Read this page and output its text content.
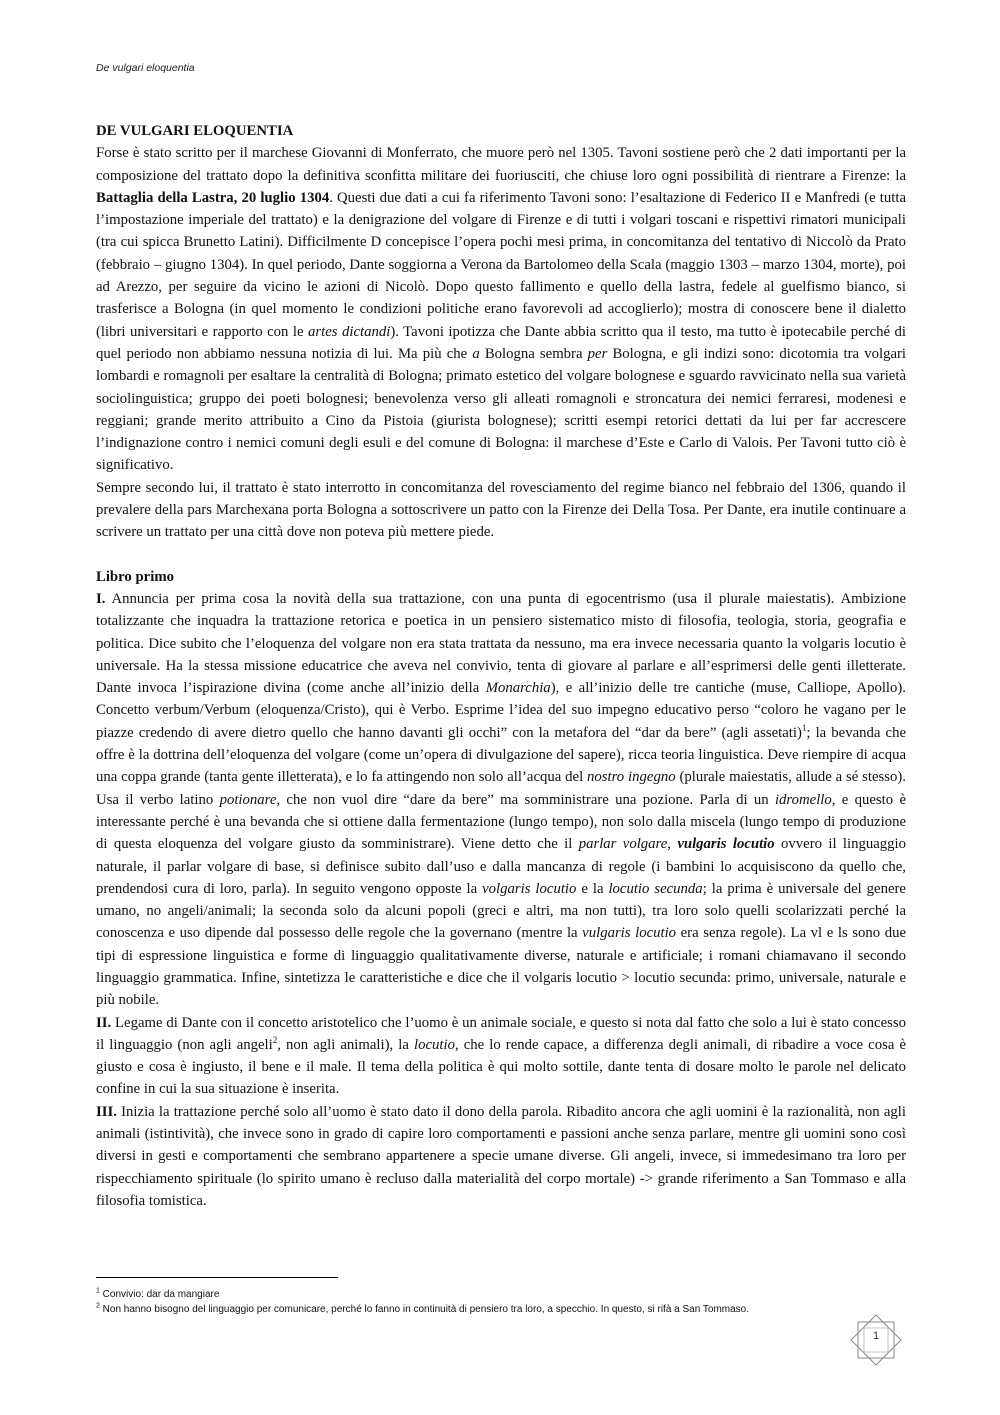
De vulgari eloquentia

DE VULGARI ELOQUENTIA

Forse è stato scritto per il marchese Giovanni di Monferrato, che muore però nel 1305. Tavoni sostiene però che 2 dati importanti per la composizione del trattato dopo la definitiva sconfitta militare dei fuoriusciti, che chiuse loro ogni possibilità di rientrare a Firenze: la Battaglia della Lastra, 20 luglio 1304. Questi due dati a cui fa riferimento Tavoni sono: l’esaltazione di Federico II e Manfredi (e tutta l’impostazione imperiale del trattato) e la denigrazione del volgare di Firenze e di tutti i volgari toscani e rispettivi rimatori municipali (tra cui spicca Brunetto Latini). Difficilmente D concepisce l’opera pochi mesi prima, in concomitanza del tentativo di Niccolò da Prato (febbraio – giugno 1304). In quel periodo, Dante soggiorna a Verona da Bartolomeo della Scala (maggio 1303 – marzo 1304, morte), poi ad Arezzo, per seguire da vicino le azioni di Nicolò. Dopo questo fallimento e quello della lastra, fedele al guelfismo bianco, si trasferisce a Bologna (in quel momento le condizioni politiche erano favorevoli ad accoglierlo); mostra di conoscere bene il dialetto (libri universitari e rapporto con le artes dictandi). Tavoni ipotizza che Dante abbia scritto qua il testo, ma tutto è ipotecabile perché di quel periodo non abbiamo nessuna notizia di lui. Ma più che a Bologna sembra per Bologna, e gli indizi sono: dicotomia tra volgari lombardi e romagnoli per esaltare la centralità di Bologna; primato estetico del volgare bolognese e sguardo ravvicinato nella sua varietà sociolinguistica; gruppo dei poeti bolognesi; benevolenza verso gli alleati romagnoli e stroncatura dei nemici ferraresi, modenesi e reggiani; grande merito attribuito a Cino da Pistoia (giurista bolognese); scritti esempi retorici dettati da lui per far accrescere l’indignazione contro i nemici comuni degli esuli e del comune di Bologna: il marchese d’Este e Carlo di Valois. Per Tavoni tutto ciò è significativo.

Sempre secondo lui, il trattato è stato interrotto in concomitanza del rovesciamento del regime bianco nel febbraio del 1306, quando il prevalere della pars Marchexana porta Bologna a sottoscrivere un patto con la Firenze dei Della Tosa. Per Dante, era inutile continuare a scrivere un trattato per una città dove non poteva più mettere piede.

Libro primo

I. Annuncia per prima cosa la novità della sua trattazione, con una punta di egocentrismo (usa il plurale maiestatis). Ambizione totalizzante che inquadra la trattazione retorica e poetica in un pensiero sistematico misto di filosofia, teologia, storia, geografia e politica. Dice subito che l’eloquenza del volgare non era stata trattata da nessuno, ma era invece necessaria quanto la volgaris locutio è universale. Ha la stessa missione educatrice che aveva nel convivio, tenta di giovare al parlare e all’esprimersi delle genti illetterate. Dante invoca l’ispirazione divina (come anche all’inizio della Monarchia), e all’inizio delle tre cantiche (muse, Calliope, Apollo). Concetto verbum/Verbum (eloquenza/Cristo), qui è Verbo. Esprime l’idea del suo impegno educativo perso “coloro he vagano per le piazze credendo di avere dietro quello che hanno davanti gli occhi” con la metafora del “dar da bere” (agli assetati)$^1$; la bevanda che offre è la dottrina dell’eloquenza del volgare (come un’opera di divulgazione del sapere), ricca teoria linguistica. Deve riempire di acqua una coppa grande (tanta gente illetterata), e lo fa attingendo non solo all’acqua del nostro ingegno (plurale maiestatis, allude a sé stesso). Usa il verbo latino potionare, che non vuol dire “dare da bere” ma somministrare una pozione. Parla di un idromello, e questo è interessante perché è una bevanda che si ottiene dalla fermentazione (lungo tempo), non solo dalla miscela (lungo tempo di produzione di questa eloquenza del volgare giusto da somministrare). Viene detto che il parlar volgare, vulgaris locutio ovvero il linguaggio naturale, il parlar volgare di base, si definisce subito dall’uso e dalla mancanza di regole (i bambini lo acquisiscono da quello che, prendendosi cura di loro, parla). In seguito vengono opposte la volgaris locutio e la locutio secunda; la prima è universale del genere umano, no angeli/animali; la seconda solo da alcuni popoli (greci e altri, ma non tutti), tra loro solo quelli scolarizzati perché la conoscenza e uso dipende dal possesso delle regole che la governano (mentre la vulgaris locutio era senza regole). La vl e ls sono due tipi di espressione linguistica e forme di linguaggio qualitativamente diverse, naturale e artificiale; i romani chiamavano il secondo linguaggio grammatica. Infine, sintetizza le caratteristiche e dice che il volgaris locutio > locutio secunda: primo, universale, naturale e più nobile.

II. Legame di Dante con il concetto aristotelico che l’uomo è un animale sociale, e questo si nota dal fatto che solo a lui è stato concesso il linguaggio (non agli angeli$^2$, non agli animali), la locutio, che lo rende capace, a differenza degli animali, di ribadire a voce cosa è giusto e cosa è ingiusto, il bene e il male. Il tema della politica è qui molto sottile, dante tenta di dosare molto le parole nel delicato confine in cui la sua situazione è inserita.

III. Inizia la trattazione perché solo all’uomo è stato dato il dono della parola. Ribadito ancora che agli uomini è la razionalità, non agli animali (istintività), che invece sono in grado di capire loro comportamenti e passioni anche senza parlare, mentre gli uomini sono così diversi in gesti e comportamenti che sembrano appartenere a specie umane diverse. Gli angeli, invece, si immedesimano tra loro per rispecchiamento spirituale (lo spirito umano è recluso dalla materialità del corpo mortale) -> grande riferimento a San Tommaso e alla filosofia tomistica.

$^1$ Convivio: dar da mangiare
$^2$ Non hanno bisogno del linguaggio per comunicare, perché lo fanno in continuità di pensiero tra loro, a specchio. In questo, si rifà a San Tommaso.
1
